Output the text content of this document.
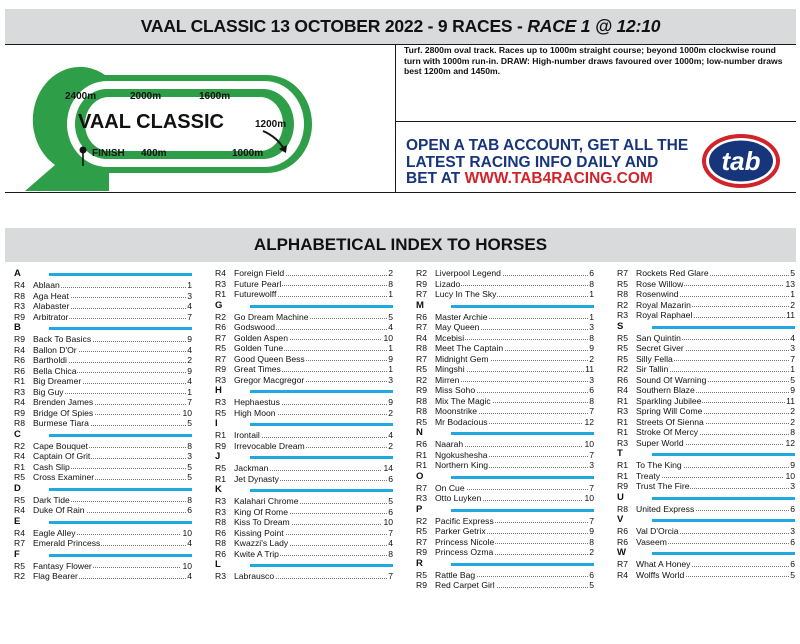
VAAL CLASSIC 13 OCTOBER 2022 - 9 RACES - RACE 1 @ 12:10
2400m	2000m	1600m
1200m
FINISH 400m	1000m
VAAL CLASSIC
Turf. 2800m oval track. Races up to 1000m straight course; beyond 1000m clockwise round turn with 1000m run-in. DRAW: High-number draws favoured over 1000m; low-number draws best 1200m and 1450m.
OPEN A TAB ACCOUNT, GET ALL THE
LATEST RACING INFO DAILY AND
BET AT WWW.TAB4RACING.COM
tab
ALPHABETICAL INDEX TO HORSES
A
R4 Ablaan	1
R8 Aga Heat	3
R3 Alabaster	4
R9 Arbitrator	7
B
R9 Back To Basics	9
R4 Ballon D'Or	4
R6 Bartholdi	2
R6 Bella Chica	9
R1 Big Dreamer	4
R3 Big Guy	1
R4 Brenden James	7
R9 Bridge Of Spies	10
R8 Burmese Tiara	5
C
R2 Cape Bouquet	8
R4 Captain Of Grit	3
R1 Cash Slip	5
R5 Cross Examiner	5
D
R5 Dark Tide	8
R4 Duke Of Rain	6
E
R4 Eagle Alley	10
R7 Emerald Princess	4
F
R5 Fantasy Flower	10
R2 Flag Bearer	4
R4 Foreign Field	2
R3 Future Pearl	8
R1 Futurewolff	1
G
R2 Go Dream Machine	5
R6 Godswood	4
R7 Golden Aspen	10
R5 Golden Tune	1
R7 Good Queen Bess	9
R9 Great Times	1
R3 Gregor Macgregor	3
H
R3 Hephaestus	9
R5 High Moon	2
I
R1 Irontail	4
R9 Irrevocable Dream	2
J
R5 Jackman	14
R1 Jet Dynasty	6
K
R3 Kalahari Chrome	5
R3 King Of Rome	6
R8 Kiss To Dream	10
R6 Kissing Point	7
R8 Kwazzi's Lady	4
R6 Kwite A Trip	8
L
R3 Labrausco	7
R2 Liverpool Legend	6
R9 Lizado	8
R7 Lucy In The Sky	1
M
R6 Master Archie	1
R7 May Queen	3
R4 Mcebisi	8
R8 Meet The Captain	9
R7 Midnight Gem	2
R5 Mingshi	11
R2 Mirren	3
R9 Miss Soho	6
R8 Mix The Magic	8
R8 Moonstrike	7
R5 Mr Bodacious	12
N
R6 Naarah	10
R1 Ngokushesha	7
R1 Northern King	3
O
R7 On Cue	7
R3 Otto Luyken	10
P
R2 Pacific Express	7
R5 Parker Getrix	9
R7 Princess Nicole	8
R9 Princess Ozma	2
R
R5 Rattle Bag	6
R9 Red Carpet Girl	5
R7 Rockets Red Glare	5
R5 Rose Willow	13
R8 Rosenwind	1
R2 Royal Mazarin	2
R3 Royal Raphael	11
S
R5 San Quintin	4
R5 Secret Giver	3
R5 Silly Fella	7
R2 Sir Tallin	1
R6 Sound Of Warning	5
R4 Southern Blaze	9
R1 Sparkling Jubilee	11
R3 Spring Will Come	2
R1 Streets Of Sienna	2
R1 Stroke Of Mercy	8
R3 Super World	12
T
R1 To The King	9
R1 Treaty	10
R9 Trust The Fire	3
U
R8 United Express	6
V
R6 Val D'Orcia	3
R6 Vaseem	6
W
R7 What A Honey	6
R4 Wolffs World	5
